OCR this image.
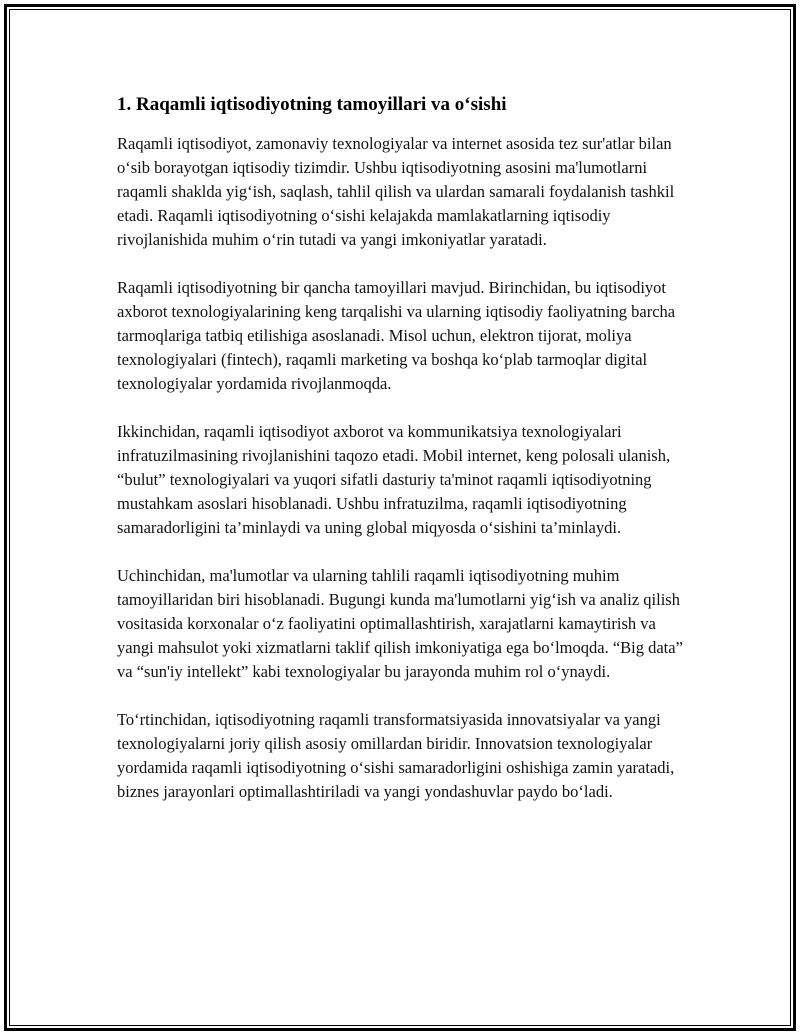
1. Raqamli iqtisodiyotning tamoyillari va o‘sishi

Raqamli iqtisodiyot, zamonaviy texnologiyalar va internet asosida tez sur'atlar bilan o‘sib borayotgan iqtisodiy tizimdir. Ushbu iqtisodiyotning asosini ma'lumotlarni raqamli shaklda yig‘ish, saqlash, tahlil qilish va ulardan samarali foydalanish tashkil etadi. Raqamli iqtisodiyotning o‘sishi kelajakda mamlakatlarning iqtisodiy rivojlanishida muhim o‘rin tutadi va yangi imkoniyatlar yaratadi.

Raqamli iqtisodiyotning bir qancha tamoyillari mavjud. Birinchidan, bu iqtisodiyot axborot texnologiyalarining keng tarqalishi va ularning iqtisodiy faoliyatning barcha tarmoqlariga tatbiq etilishiga asoslanadi. Misol uchun, elektron tijorat, moliya texnologiyalari (fintech), raqamli marketing va boshqa ko‘plab tarmoqlar digital texnologiyalar yordamida rivojlanmoqda.

Ikkinchidan, raqamli iqtisodiyot axborot va kommunikatsiya texnologiyalari infratuzilmasining rivojlanishini taqozo etadi. Mobil internet, keng polosali ulanish, “bulut” texnologiyalari va yuqori sifatli dasturiy ta'minot raqamli iqtisodiyotning mustahkam asoslari hisoblanadi. Ushbu infratuzilma, raqamli iqtisodiyotning samaradorligini ta’minlaydi va uning global miqyosda o‘sishini ta’minlaydi.

Uchinchidan, ma'lumotlar va ularning tahlili raqamli iqtisodiyotning muhim tamoyillaridan biri hisoblanadi. Bugungi kunda ma'lumotlarni yig‘ish va analiz qilish vositasida korxonalar o‘z faoliyatini optimallashtirish, xarajatlarni kamaytirish va yangi mahsulot yoki xizmatlarni taklif qilish imkoniyatiga ega bo‘lmoqda. “Big data” va “sun'iy intellekt” kabi texnologiyalar bu jarayonda muhim rol o‘ynaydi.

To‘rtinchidan, iqtisodiyotning raqamli transformatsiyasida innovatsiyalar va yangi texnologiyalarni joriy qilish asosiy omillardan biridir. Innovatsion texnologiyalar yordamida raqamli iqtisodiyotning o‘sishi samaradorligini oshishiga zamin yaratadi, biznes jarayonlari optimallashtiriladi va yangi yondashuvlar paydo bo‘ladi.
